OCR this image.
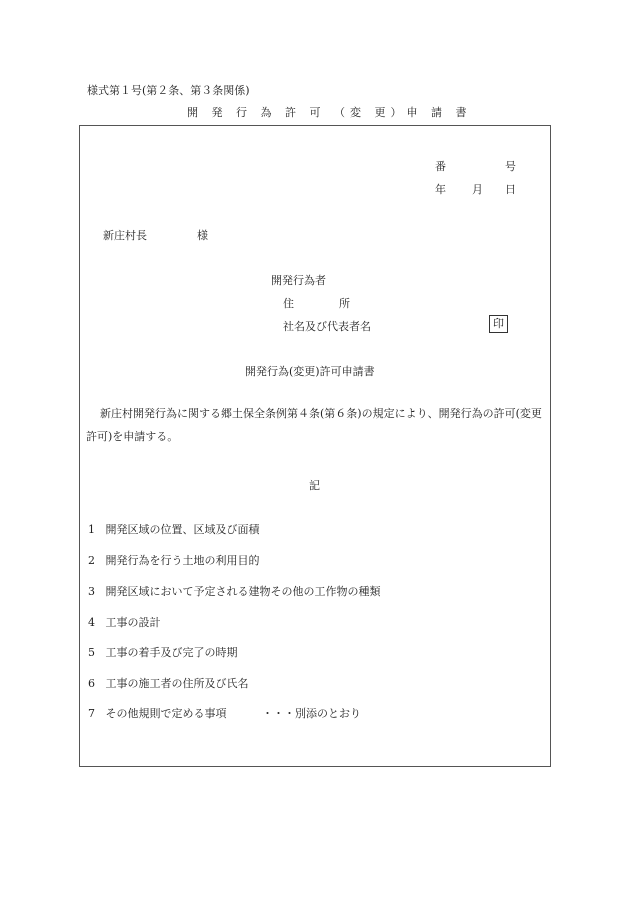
様式第１号(第２条、第３条関係)
開 発 行 為 許 可 （変 更）申 請 書
番	号
年 月 日
新庄村長	様
開発行為者
住	所
社名及び代表者名	印
開発行為(変更)許可申請書
新庄村開発行為に関する郷土保全条例第４条(第６条)の規定により、開発行為の許可(変更許可)を申請する。
記
1 開発区域の位置、区域及び面積
2 開発行為を行う土地の利用目的
3 開発区域において予定される建物その他の工作物の種類
4 工事の設計
5 工事の着手及び完了の時期
6 工事の施工者の住所及び氏名
7 その他規則で定める事項	・・・別添のとおり
